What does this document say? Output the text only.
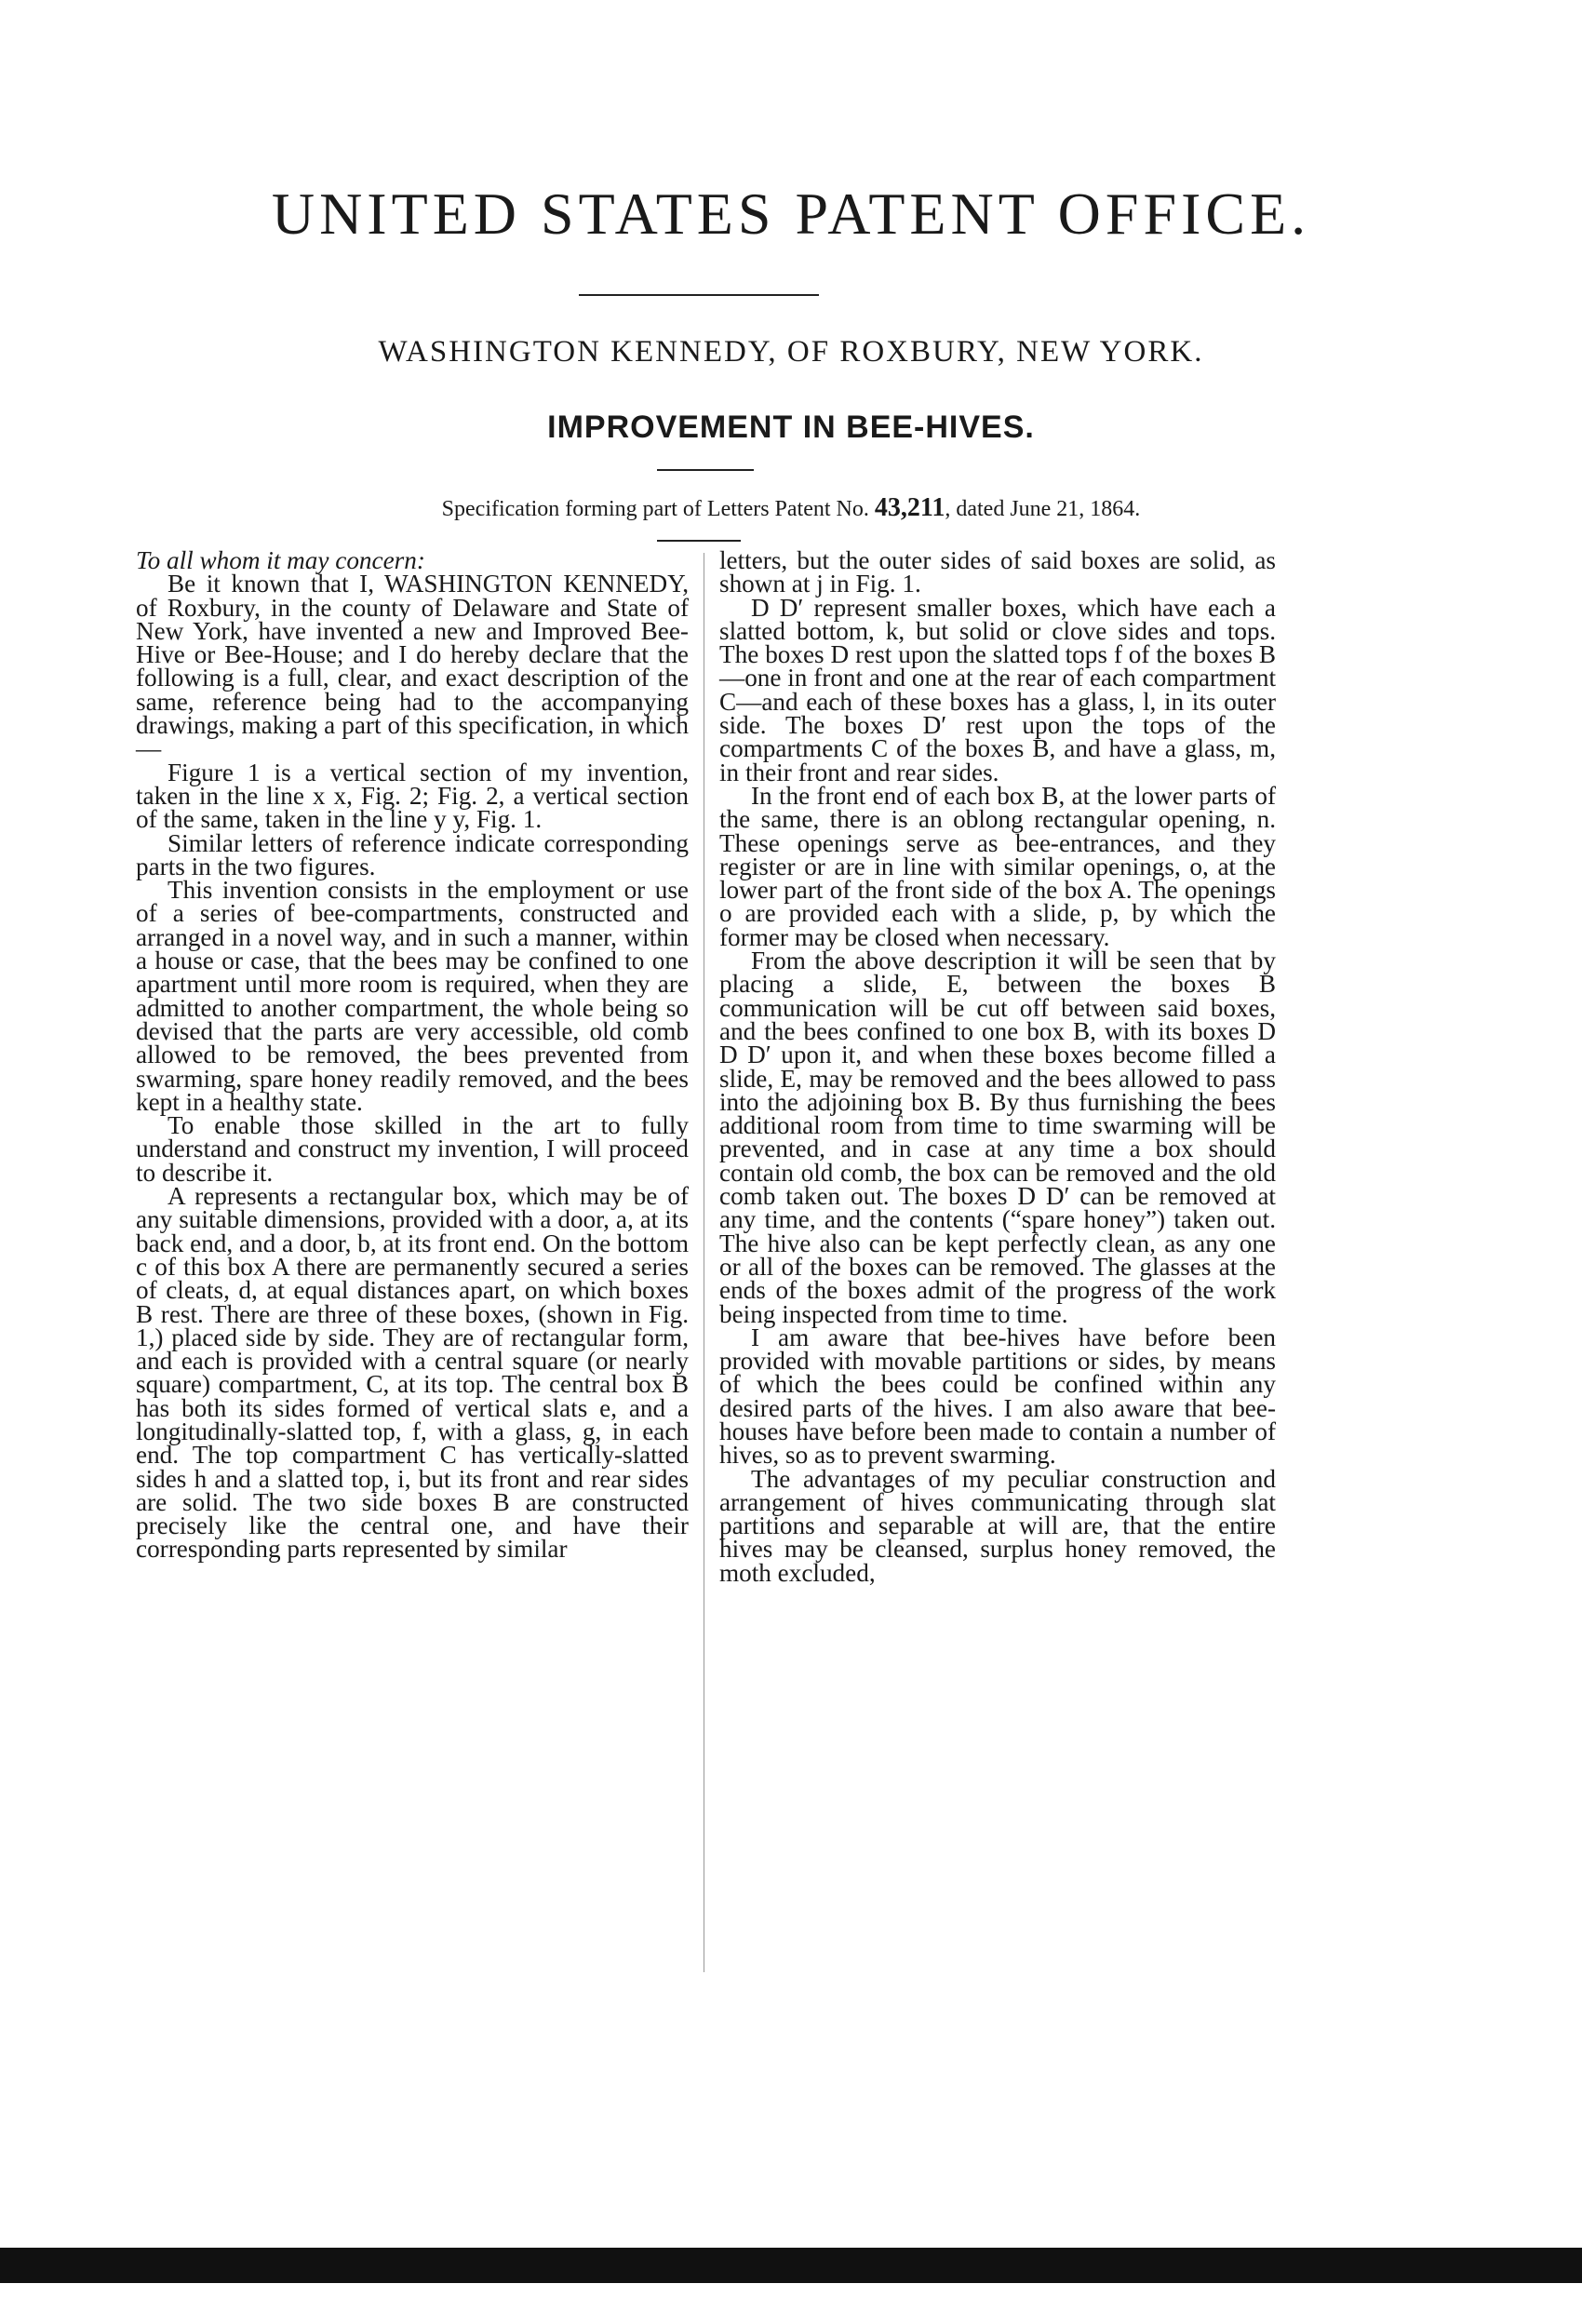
UNITED STATES PATENT OFFICE.
WASHINGTON KENNEDY, OF ROXBURY, NEW YORK.
IMPROVEMENT IN BEE-HIVES.
Specification forming part of Letters Patent No. 43,211, dated June 21, 1864.

To all whom it may concern:

Be it known that I, WASHINGTON KENNEDY, of Roxbury, in the county of Delaware and State of New York, have invented a new and Improved Bee-Hive or Bee-House; and I do hereby declare that the following is a full, clear, and exact description of the same, reference being had to the accompanying drawings, making a part of this specification, in which—

Figure 1 is a vertical section of my invention, taken in the line x x, Fig. 2; Fig. 2, a vertical section of the same, taken in the line y y, Fig. 1.

Similar letters of reference indicate corresponding parts in the two figures.

This invention consists in the employment or use of a series of bee-compartments, constructed and arranged in a novel way, and in such a manner, within a house or case, that the bees may be confined to one apartment until more room is required, when they are admitted to another compartment, the whole being so devised that the parts are very accessible, old comb allowed to be removed, the bees prevented from swarming, spare honey readily removed, and the bees kept in a healthy state.

To enable those skilled in the art to fully understand and construct my invention, I will proceed to describe it.

A represents a rectangular box, which may be of any suitable dimensions, provided with a door, a, at its back end, and a door, b, at its front end. On the bottom c of this box A there are permanently secured a series of cleats, d, at equal distances apart, on which boxes B rest. There are three of these boxes, (shown in Fig. 1,) placed side by side. They are of rectangular form, and each is provided with a central square (or nearly square) compartment, C, at its top. The central box B has both its sides formed of vertical slats e, and a longitudinally-slatted top, f, with a glass, g, in each end. The top compartment C has vertically-slatted sides h and a slatted top, i, but its front and rear sides are solid. The two side boxes B are constructed precisely like the central one, and have their corresponding parts represented by similar

letters, but the outer sides of said boxes are solid, as shown at j in Fig. 1.

D D′ represent smaller boxes, which have each a slatted bottom, k, but solid or clove sides and tops. The boxes D rest upon the slatted tops f of the boxes B—one in front and one at the rear of each compartment C—and each of these boxes has a glass, l, in its outer side. The boxes D′ rest upon the tops of the compartments C of the boxes B, and have a glass, m, in their front and rear sides.

In the front end of each box B, at the lower parts of the same, there is an oblong rectangular opening, n. These openings serve as bee-entrances, and they register or are in line with similar openings, o, at the lower part of the front side of the box A. The openings o are provided each with a slide, p, by which the former may be closed when necessary.

From the above description it will be seen that by placing a slide, E, between the boxes B communication will be cut off between said boxes, and the bees confined to one box B, with its boxes D D D′ upon it, and when these boxes become filled a slide, E, may be removed and the bees allowed to pass into the adjoining box B. By thus furnishing the bees additional room from time to time swarming will be prevented, and in case at any time a box should contain old comb, the box can be removed and the old comb taken out. The boxes D D′ can be removed at any time, and the contents (“spare honey”) taken out. The hive also can be kept perfectly clean, as any one or all of the boxes can be removed. The glasses at the ends of the boxes admit of the progress of the work being inspected from time to time.

I am aware that bee-hives have before been provided with movable partitions or sides, by means of which the bees could be confined within any desired parts of the hives. I am also aware that bee-houses have before been made to contain a number of hives, so as to prevent swarming.

The advantages of my peculiar construction and arrangement of hives communicating through slat partitions and separable at will are, that the entire hives may be cleansed, surplus honey removed, the moth excluded,
